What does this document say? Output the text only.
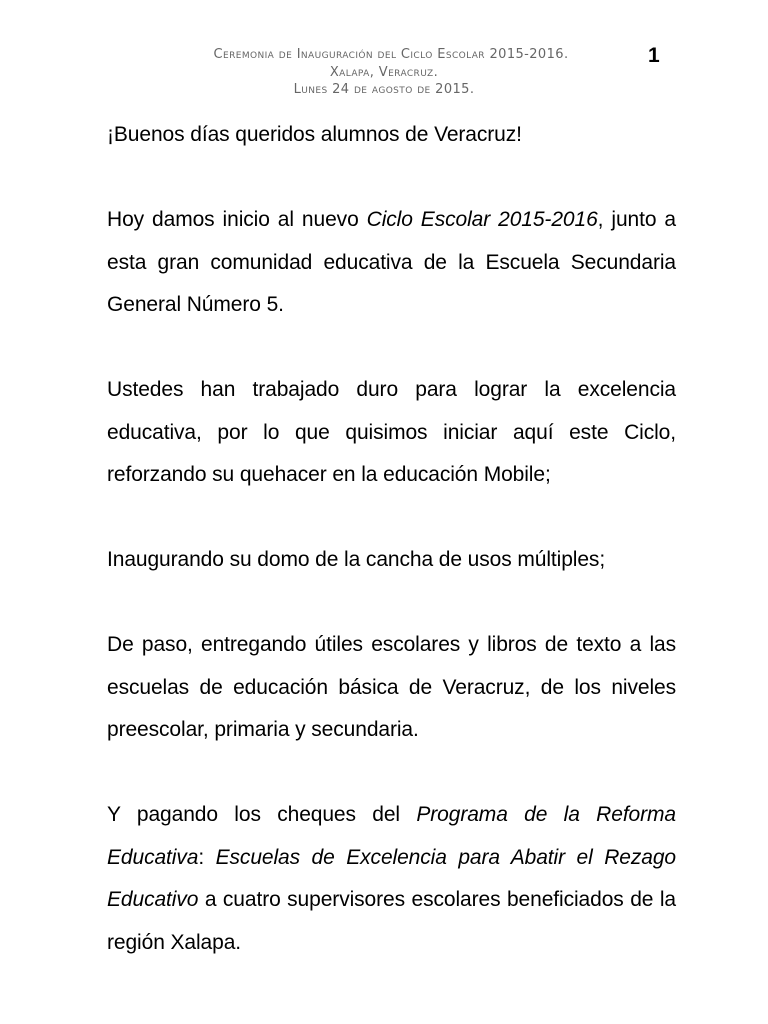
Ceremonia de Inauguración del Ciclo Escolar 2015-2016.
Xalapa, Veracruz.
Lunes 24 de agosto de 2015.
1

¡Buenos días queridos alumnos de Veracruz!

Hoy damos inicio al nuevo Ciclo Escolar 2015-2016, junto a esta gran comunidad educativa de la Escuela Secundaria General Número 5.

Ustedes han trabajado duro para lograr la excelencia educativa, por lo que quisimos iniciar aquí este Ciclo, reforzando su quehacer en la educación Mobile;

Inaugurando su domo de la cancha de usos múltiples;

De paso, entregando útiles escolares y libros de texto a las escuelas de educación básica de Veracruz, de los niveles preescolar, primaria y secundaria.

Y pagando los cheques del Programa de la Reforma Educativa: Escuelas de Excelencia para Abatir el Rezago Educativo a cuatro supervisores escolares beneficiados de la región Xalapa.
